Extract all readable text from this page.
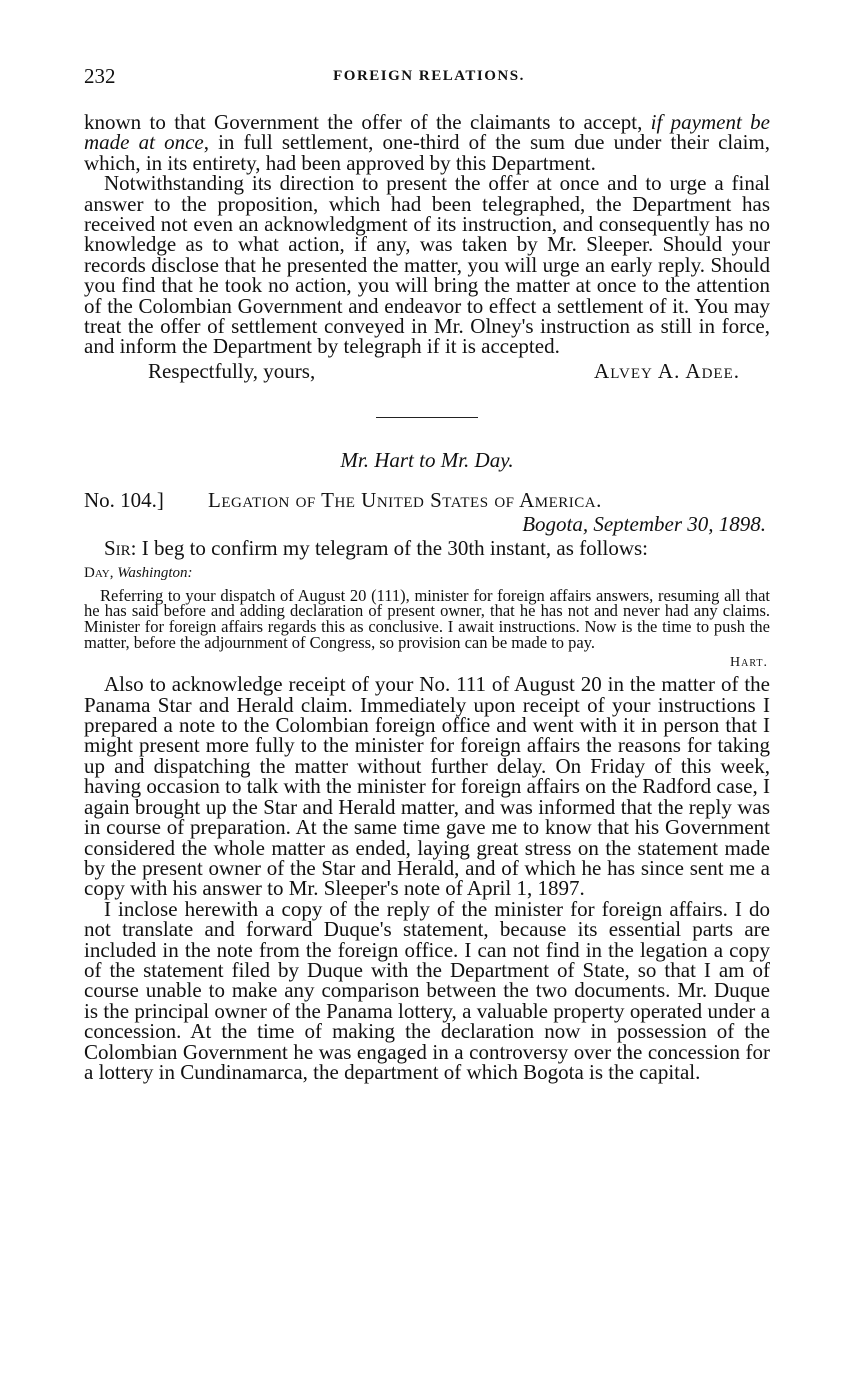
232	FOREIGN RELATIONS.

known to that Government the offer of the claimants to accept, if payment be made at once, in full settlement, one-third of the sum due under their claim, which, in its entirety, had been approved by this Department.

Notwithstanding its direction to present the offer at once and to urge a final answer to the proposition, which had been telegraphed, the Department has received not even an acknowledgment of its instruction, and consequently has no knowledge as to what action, if any, was taken by Mr. Sleeper. Should your records disclose that he presented the matter, you will urge an early reply. Should you find that he took no action, you will bring the matter at once to the attention of the Colombian Government and endeavor to effect a settlement of it. You may treat the offer of settlement conveyed in Mr. Olney's instruction as still in force, and inform the Department by telegraph if it is accepted.

Respectfully, yours,	Alvey A. Adee.
Mr. Hart to Mr. Day.
No. 104.]	Legation of The United States of America.
Bogota, September 30, 1898.
Sir: I beg to confirm my telegram of the 30th instant, as follows:
Day, Washington:
Referring to your dispatch of August 20 (111), minister for foreign affairs answers, resuming all that he has said before and adding declaration of present owner, that he has not and never had any claims. Minister for foreign affairs regards this as conclusive. I await instructions. Now is the time to push the matter, before the adjournment of Congress, so provision can be made to pay.
Hart.

Also to acknowledge receipt of your No. 111 of August 20 in the matter of the Panama Star and Herald claim. Immediately upon receipt of your instructions I prepared a note to the Colombian foreign office and went with it in person that I might present more fully to the minister for foreign affairs the reasons for taking up and dispatching the matter without further delay. On Friday of this week, having occasion to talk with the minister for foreign affairs on the Radford case, I again brought up the Star and Herald matter, and was informed that the reply was in course of preparation. At the same time gave me to know that his Government considered the whole matter as ended, laying great stress on the statement made by the present owner of the Star and Herald, and of which he has since sent me a copy with his answer to Mr. Sleeper's note of April 1, 1897.

I inclose herewith a copy of the reply of the minister for foreign affairs. I do not translate and forward Duque's statement, because its essential parts are included in the note from the foreign office. I can not find in the legation a copy of the statement filed by Duque with the Department of State, so that I am of course unable to make any comparison between the two documents. Mr. Duque is the principal owner of the Panama lottery, a valuable property operated under a concession. At the time of making the declaration now in possession of the Colombian Government he was engaged in a controversy over the concession for a lottery in Cundinamarca, the department of which Bogota is the capital.
